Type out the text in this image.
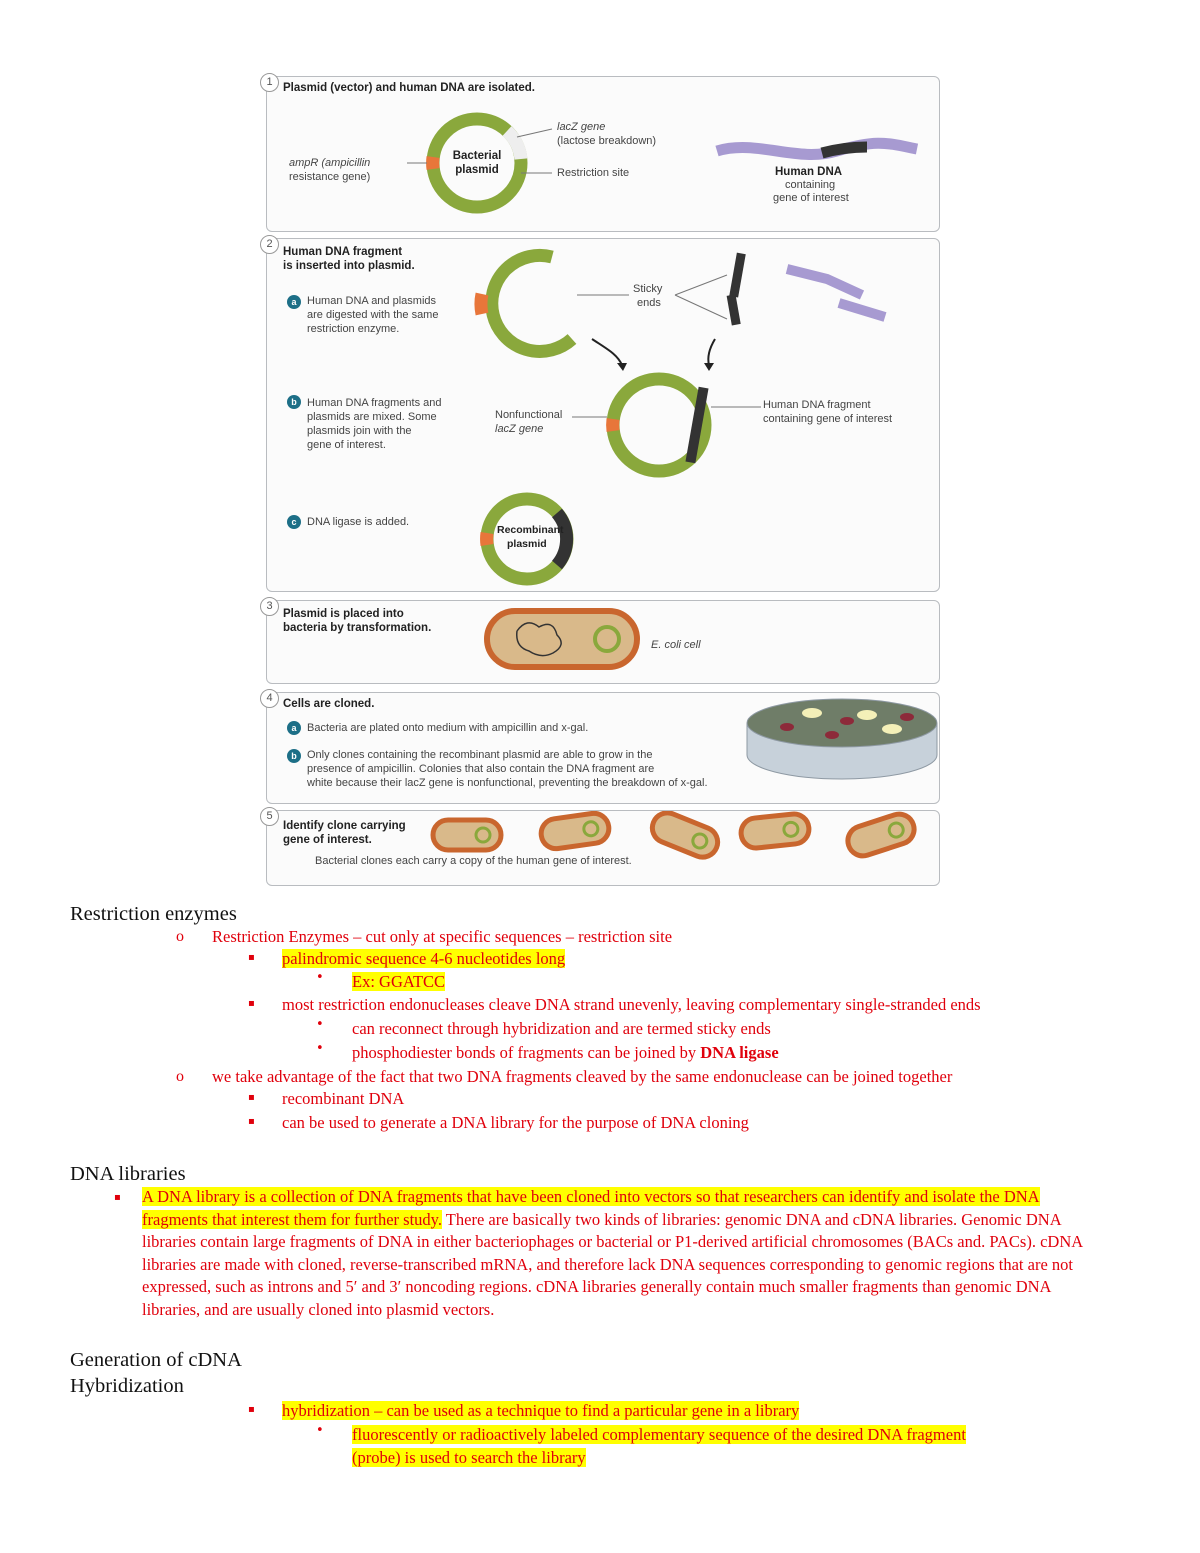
1 Plasmid (vector) and human DNA are isolated.
Bacterial plasmid
ampR (ampicillin
resistance gene)
lacZ gene
(lactose breakdown)
Restriction site	Human DNA
containing
gene of interest
2
Human DNA fragment
is inserted into plasmid.
a Human DNA and plasmids
are digested with the same
restriction enzyme.
Sticky
ends
b Human DNA fragments and
plasmids are mixed. Some
plasmids join with the
gene of interest.
Nonfunctional
lacZ gene
Human DNA fragment
containing gene of interest
c DNA ligase is added.
Recombinant
plasmid
3
Plasmid is placed into
bacteria by transformation.
E. coli cell
4 Cells are cloned.
a Bacteria are plated onto medium with ampicillin and x-gal.
b Only clones containing the recombinant plasmid are able to grow in the
presence of ampicillin. Colonies that also contain the DNA fragment are
white because their lacZ gene is nonfunctional, preventing the breakdown of x-gal.
5
Identify clone carrying
gene of interest.
Bacterial clones each carry a copy of the human gene of interest.
Restriction enzymes
o Restriction Enzymes – cut only at specific sequences – restriction site
▪ palindromic sequence 4-6 nucleotides long
• Ex: GGATCC
▪ most restriction endonucleases cleave DNA strand unevenly, leaving complementary single-stranded ends
• can reconnect through hybridization and are termed sticky ends
• phosphodiester bonds of fragments can be joined by DNA ligase
o we take advantage of the fact that two DNA fragments cleaved by the same endonuclease can be joined together
▪ recombinant DNA
▪ can be used to generate a DNA library for the purpose of DNA cloning
DNA libraries
▪ A DNA library is a collection of DNA fragments that have been cloned into vectors so that researchers can identify and isolate the DNA fragments that interest them for further study. There are basically two kinds of libraries: genomic DNA and cDNA libraries. Genomic DNA libraries contain large fragments of DNA in either bacteriophages or bacterial or P1-derived artificial chromosomes (BACs and. PACs). cDNA libraries are made with cloned, reverse-transcribed mRNA, and therefore lack DNA sequences corresponding to genomic regions that are not expressed, such as introns and 5′ and 3′ noncoding regions. cDNA libraries generally contain much smaller fragments than genomic DNA libraries, and are usually cloned into plasmid vectors.
Generation of cDNA
Hybridization
▪ hybridization – can be used as a technique to find a particular gene in a library
• fluorescently or radioactively labeled complementary sequence of the desired DNA fragment
(probe) is used to search the library
